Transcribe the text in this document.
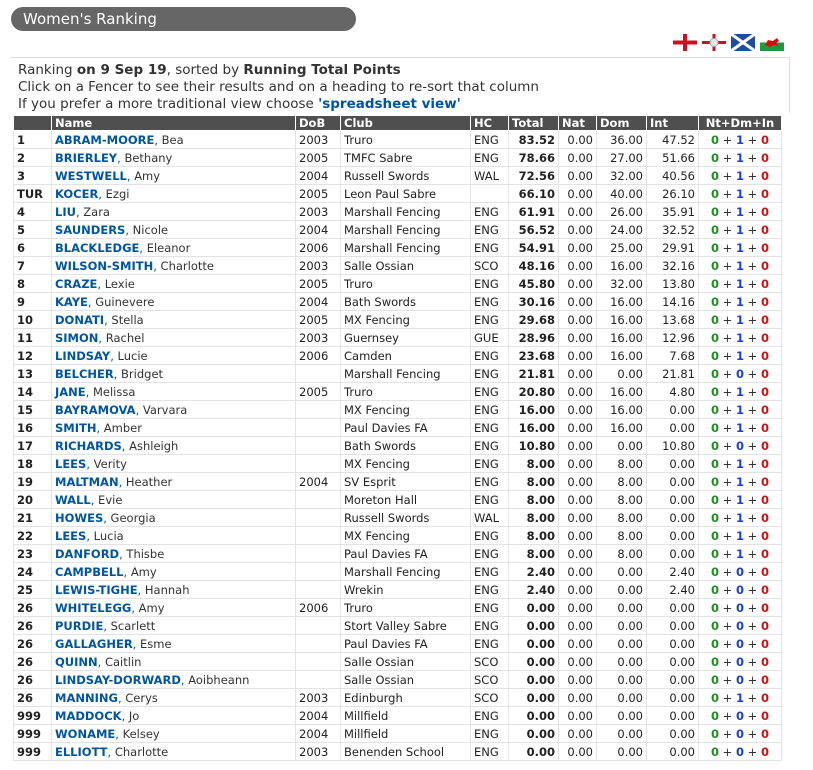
Women's Ranking
Ranking on 9 Sep 19, sorted by Running Total Points
Click on a Fencer to see their results and on a heading to re-sort that column
If you prefer a more traditional view choose 'spreadsheet view'
	Name	DoB	Club	HC	Total	Nat	Dom	Int	Nt+Dm+In
1	ABRAM-MOORE, Bea	2003	Truro	ENG	83.52	0.00	36.00	47.52	0 + 1 + 0
2	BRIERLEY, Bethany	2005	TMFC Sabre	ENG	78.66	0.00	27.00	51.66	0 + 1 + 0
3	WESTWELL, Amy	2004	Russell Swords	WAL	72.56	0.00	32.00	40.56	0 + 1 + 0
TUR	KOCER, Ezgi	2005	Leon Paul Sabre		66.10	0.00	40.00	26.10	0 + 1 + 0
4	LIU, Zara	2003	Marshall Fencing	ENG	61.91	0.00	26.00	35.91	0 + 1 + 0
5	SAUNDERS, Nicole	2004	Marshall Fencing	ENG	56.52	0.00	24.00	32.52	0 + 1 + 0
6	BLACKLEDGE, Eleanor	2006	Marshall Fencing	ENG	54.91	0.00	25.00	29.91	0 + 1 + 0
7	WILSON-SMITH, Charlotte	2003	Salle Ossian	SCO	48.16	0.00	16.00	32.16	0 + 1 + 0
8	CRAZE, Lexie	2005	Truro	ENG	45.80	0.00	32.00	13.80	0 + 1 + 0
9	KAYE, Guinevere	2004	Bath Swords	ENG	30.16	0.00	16.00	14.16	0 + 1 + 0
10	DONATI, Stella	2005	MX Fencing	ENG	29.68	0.00	16.00	13.68	0 + 1 + 0
11	SIMON, Rachel	2003	Guernsey	GUE	28.96	0.00	16.00	12.96	0 + 1 + 0
12	LINDSAY, Lucie	2006	Camden	ENG	23.68	0.00	16.00	7.68	0 + 1 + 0
13	BELCHER, Bridget		Marshall Fencing	ENG	21.81	0.00	0.00	21.81	0 + 0 + 0
14	JANE, Melissa	2005	Truro	ENG	20.80	0.00	16.00	4.80	0 + 1 + 0
15	BAYRAMOVA, Varvara		MX Fencing	ENG	16.00	0.00	16.00	0.00	0 + 1 + 0
16	SMITH, Amber		Paul Davies FA	ENG	16.00	0.00	16.00	0.00	0 + 1 + 0
17	RICHARDS, Ashleigh		Bath Swords	ENG	10.80	0.00	0.00	10.80	0 + 0 + 0
18	LEES, Verity		MX Fencing	ENG	8.00	0.00	8.00	0.00	0 + 1 + 0
19	MALTMAN, Heather	2004	SV Esprit	ENG	8.00	0.00	8.00	0.00	0 + 1 + 0
20	WALL, Evie		Moreton Hall	ENG	8.00	0.00	8.00	0.00	0 + 1 + 0
21	HOWES, Georgia		Russell Swords	WAL	8.00	0.00	8.00	0.00	0 + 1 + 0
22	LEES, Lucia		MX Fencing	ENG	8.00	0.00	8.00	0.00	0 + 1 + 0
23	DANFORD, Thisbe		Paul Davies FA	ENG	8.00	0.00	8.00	0.00	0 + 1 + 0
24	CAMPBELL, Amy		Marshall Fencing	ENG	2.40	0.00	0.00	2.40	0 + 0 + 0
25	LEWIS-TIGHE, Hannah		Wrekin	ENG	2.40	0.00	0.00	2.40	0 + 0 + 0
26	WHITELEGG, Amy	2006	Truro	ENG	0.00	0.00	0.00	0.00	0 + 0 + 0
26	PURDIE, Scarlett		Stort Valley Sabre	ENG	0.00	0.00	0.00	0.00	0 + 0 + 0
26	GALLAGHER, Esme		Paul Davies FA	ENG	0.00	0.00	0.00	0.00	0 + 0 + 0
26	QUINN, Caitlin		Salle Ossian	SCO	0.00	0.00	0.00	0.00	0 + 0 + 0
26	LINDSAY-DORWARD, Aoibheann		Salle Ossian	SCO	0.00	0.00	0.00	0.00	0 + 0 + 0
26	MANNING, Cerys	2003	Edinburgh	SCO	0.00	0.00	0.00	0.00	0 + 1 + 0
999	MADDOCK, Jo	2004	Millfield	ENG	0.00	0.00	0.00	0.00	0 + 0 + 0
999	WONAME, Kelsey	2004	Millfield	ENG	0.00	0.00	0.00	0.00	0 + 0 + 0
999	ELLIOTT, Charlotte	2003	Benenden School	ENG	0.00	0.00	0.00	0.00	0 + 0 + 0
